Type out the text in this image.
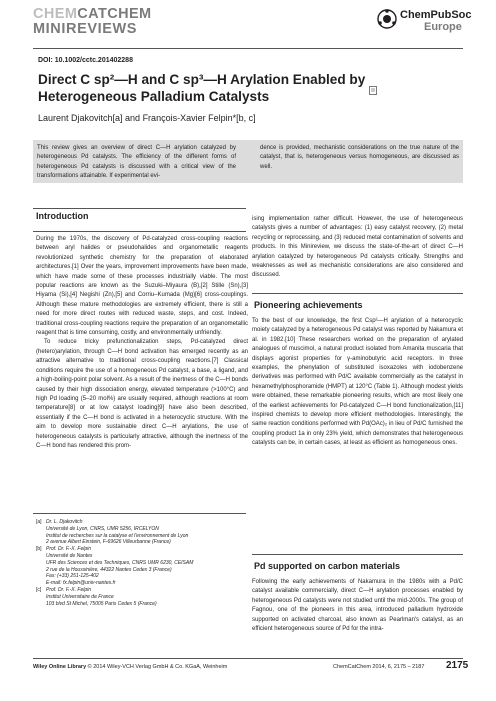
CHEMCATCHEM
MINIREVIEWS
ChemPubSoc
Europe
DOI: 10.1002/cctc.201402288
Direct C sp²—H and C sp³—H Arylation Enabled by
Heterogeneous Palladium Catalysts
Laurent Djakovitch[a] and François-Xavier Felpin*[b, c]
This review gives an overview of direct C—H arylation catalyzed by heterogeneous Pd catalysts. The efficiency of the different forms of heterogeneous Pd catalysts is discussed with a critical view of the transformations attainable. If experimental evi-
dence is provided, mechanistic considerations on the true nature of the catalyst, that is, heterogeneous versus homogeneous, are discussed as well.
Introduction

During the 1970s, the discovery of Pd-catalyzed cross-coupling reactions between aryl halides or pseudohalides and organometallic reagents revolutionized synthetic chemistry for the preparation of elaborated architectures.[1] Over the years, improvement improvements have been made, which have made some of these processes industrially viable. The most popular reactions are known as the Suzuki–Miyaura (B),[2] Stille (Sn),[3] Hiyama (Si),[4] Negishi (Zn),[5] and Corriu–Kumada (Mg)[6] cross-couplings. Although these mature methodologies are extremely efficient, there is still a need for more direct routes with reduced waste, steps, and cost. Indeed, traditional cross-coupling reactions require the preparation of an organometallic reagent that is time consuming, costly, and environmentally unfriendly.

To reduce tricky prefunctionalization steps, Pd-catalyzed direct (hetero)arylation, through C—H bond activation has emerged recently as an attractive alternative to traditional cross-coupling reactions.[7] Classical conditions require the use of a homogeneous Pd catalyst, a base, a ligand, and a high-boiling-point polar solvent. As a result of the inertness of the C—H bonds caused by their high dissociation energy, elevated temperature (>100°C) and high Pd loading (5–20 mol%) are usually required, although reactions at room temperature[8] or at low catalyst loading[9] have also been described, essentially if the C—H bond is activated in a heterocyclic structure. With the aim to develop more sustainable direct C—H arylations, the use of heterogeneous catalysts is particularly attractive, although the inertness of the C—H bond has rendered this prom-

[a] Dr. L. Djakovitch
Université de Lyon, CNRS, UMR 5256, IRCELYON
Institut de recherches sur la catalyse et l'environnement de Lyon
2 avenue Albert Einstein, F-69626 Villeurbanne (France)
[b] Prof. Dr. F.-X. Felpin
Université de Nantes
UFR des Sciences et des Techniques, CNRS UMR 6230, CEISAM
2 rue de la Houssinière, 44322 Nantes Cedex 3 (France)
Fax: (+33) 251-125-402
E-mail: fx.felpin@univ-nantes.fr
[c] Prof. Dr. F.-X. Felpin
Institut Universitaire de France
103 blvd St Michel, 75005 Paris Cedex 5 (France)
ising implementation rather difficult. However, the use of heterogeneous catalysts gives a number of advantages: (1) easy catalyst recovery, (2) metal recycling or reprocessing, and (3) reduced metal contamination of solvents and products. In this Minireview, we discuss the state-of-the-art of direct C—H arylation catalyzed by heterogeneous Pd catalysts critically. Strengths and weaknesses as well as mechanistic considerations are also considered and discussed.
Pioneering achievements
To the best of our knowledge, the first Csp²—H arylation of a heterocyclic moiety catalyzed by a heterogeneous Pd catalyst was reported by Nakamura et al. in 1982.[10] These researchers worked on the preparation of arylated analogues of muscimol, a natural product isolated from Amanita muscaria that displays agonist properties for γ-aminobutyric acid receptors. In three examples, the phenylation of substituted isoxazoles with iodobenzene derivatives was performed with Pd/C available commercially as the catalyst in hexamethylphosphoramide (HMPT) at 120°C (Table 1). Although modest yields were obtained, these remarkable pioneering results, which are most likely one of the earliest achievements for Pd-catalyzed C—H bond functionalization,[11] inspired chemists to develop more efficient methodologies. Interestingly, the same reaction conditions performed with Pd(OAc)₂ in lieu of Pd/C furnished the coupling product 1a in only 23% yield, which demonstrates that heterogeneous catalysts can be, in certain cases, at least as efficient as homogeneous ones.
Pd supported on carbon materials
Following the early achievements of Nakamura in the 1980s with a Pd/C catalyst available commercially, direct C—H arylation processes enabled by heterogeneous Pd catalysts were not studied until the mid-2000s. The group of Fagnou, one of the pioneers in this area, introduced palladium hydroxide supported on activated charcoal, also known as Pearlman's catalyst, as an efficient heterogeneous source of Pd for the intra-
Wiley Online Library © 2014 Wiley-VCH Verlag GmbH & Co. KGaA, Weinheim	ChemCatChem 2014, 6, 2175 – 2187 2175
